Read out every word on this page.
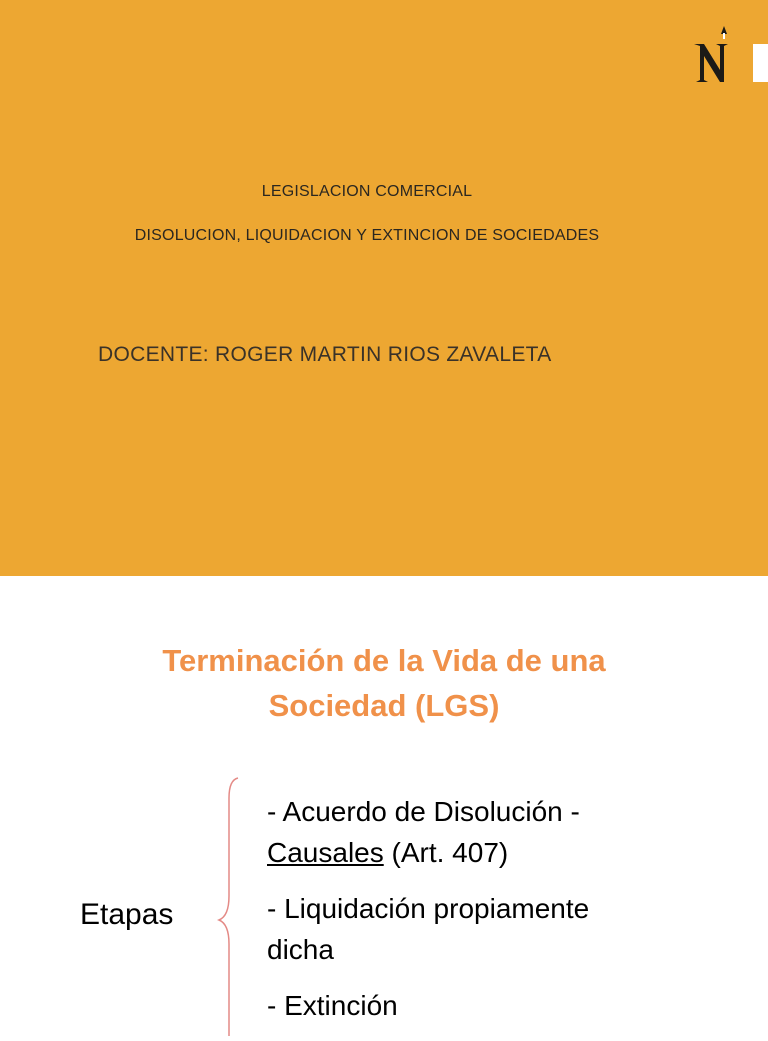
LEGISLACION COMERCIAL
DISOLUCION, LIQUIDACION Y EXTINCION DE SOCIEDADES
DOCENTE: ROGER MARTIN RIOS ZAVALETA
Terminación de la Vida de una
Sociedad (LGS)
Etapas
- Acuerdo de Disolución -
Causales (Art. 407)
- Liquidación propiamente
dicha
- Extinción
